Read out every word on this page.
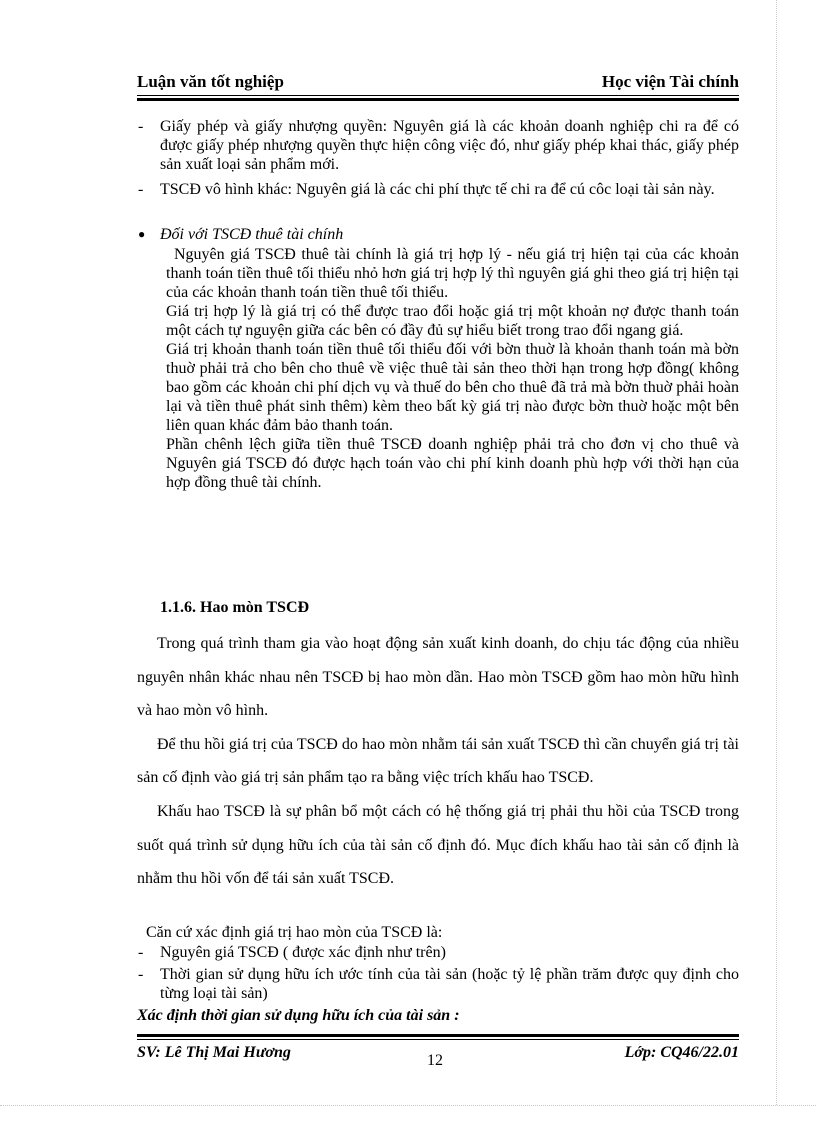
Luận văn tốt nghiệp	Học viện Tài chính
- Giấy phép và giấy nhượng quyền: Nguyên giá là các khoản doanh nghiệp chi ra để có được giấy phép nhượng quyền thực hiện công việc đó, như giấy phép khai thác, giấy phép sản xuất loại sản phẩm mới.

- TSCĐ vô hình khác: Nguyên giá là các chi phí thực tế chi ra để cú côc loại tài sản này.

● Đối với TSCĐ thuê tài chính

Nguyên giá TSCĐ thuê tài chính là giá trị hợp lý - nếu giá trị hiện tại của các khoản thanh toán tiền thuê tối thiểu nhỏ hơn giá trị hợp lý thì nguyên giá ghi theo giá trị hiện tại của các khoản thanh toán tiền thuê tối thiểu.

Giá trị hợp lý là giá trị có thể được trao đổi hoặc giá trị một khoản nợ được thanh toán một cách tự nguyện giữa các bên có đầy đủ sự hiểu biết trong trao đổi ngang giá.

Giá trị khoản thanh toán tiền thuê tối thiểu đối với bờn thuờ là khoản thanh toán mà bờn thuờ phải trả cho bên cho thuê về việc thuê tài sản theo thời hạn trong hợp đồng( không bao gồm các khoản chi phí dịch vụ và thuế do bên cho thuê đã trả mà bờn thuờ phải hoàn lại và tiền thuê phát sinh thêm) kèm theo bất kỳ giá trị nào được bờn thuờ hoặc một bên liên quan khác đảm bảo thanh toán.

Phần chênh lệch giữa tiền thuê TSCĐ doanh nghiệp phải trả cho đơn vị cho thuê và Nguyên giá TSCĐ đó được hạch toán vào chi phí kinh doanh phù hợp với thời hạn của hợp đồng thuê tài chính.

1.1.6. Hao mòn TSCĐ

Trong quá trình tham gia vào hoạt động sản xuất kinh doanh, do chịu tác động của nhiều nguyên nhân khác nhau nên TSCĐ bị hao mòn dần. Hao mòn TSCĐ gồm hao mòn hữu hình và hao mòn vô hình.

Để thu hồi giá trị của TSCĐ do hao mòn nhằm tái sản xuất TSCĐ thì cần chuyển giá trị tài sản cố định vào giá trị sản phẩm tạo ra bằng việc trích khấu hao TSCĐ.

Khấu hao TSCĐ là sự phân bổ một cách có hệ thống giá trị phải thu hồi của TSCĐ trong suốt quá trình sử dụng hữu ích của tài sản cố định đó. Mục đích khấu hao tài sản cố định là nhằm thu hồi vốn để tái sản xuất TSCĐ.

Căn cứ xác định giá trị hao mòn của TSCĐ là:

- Nguyên giá TSCĐ ( được xác định như trên)

- Thời gian sử dụng hữu ích ước tính của tài sản (hoặc tỷ lệ phần trăm được quy định cho từng loại tài sản)

Xác định thời gian sử dụng hữu ích của tài sản :
SV: Lê Thị Mai Hương	12	Lớp: CQ46/22.01
